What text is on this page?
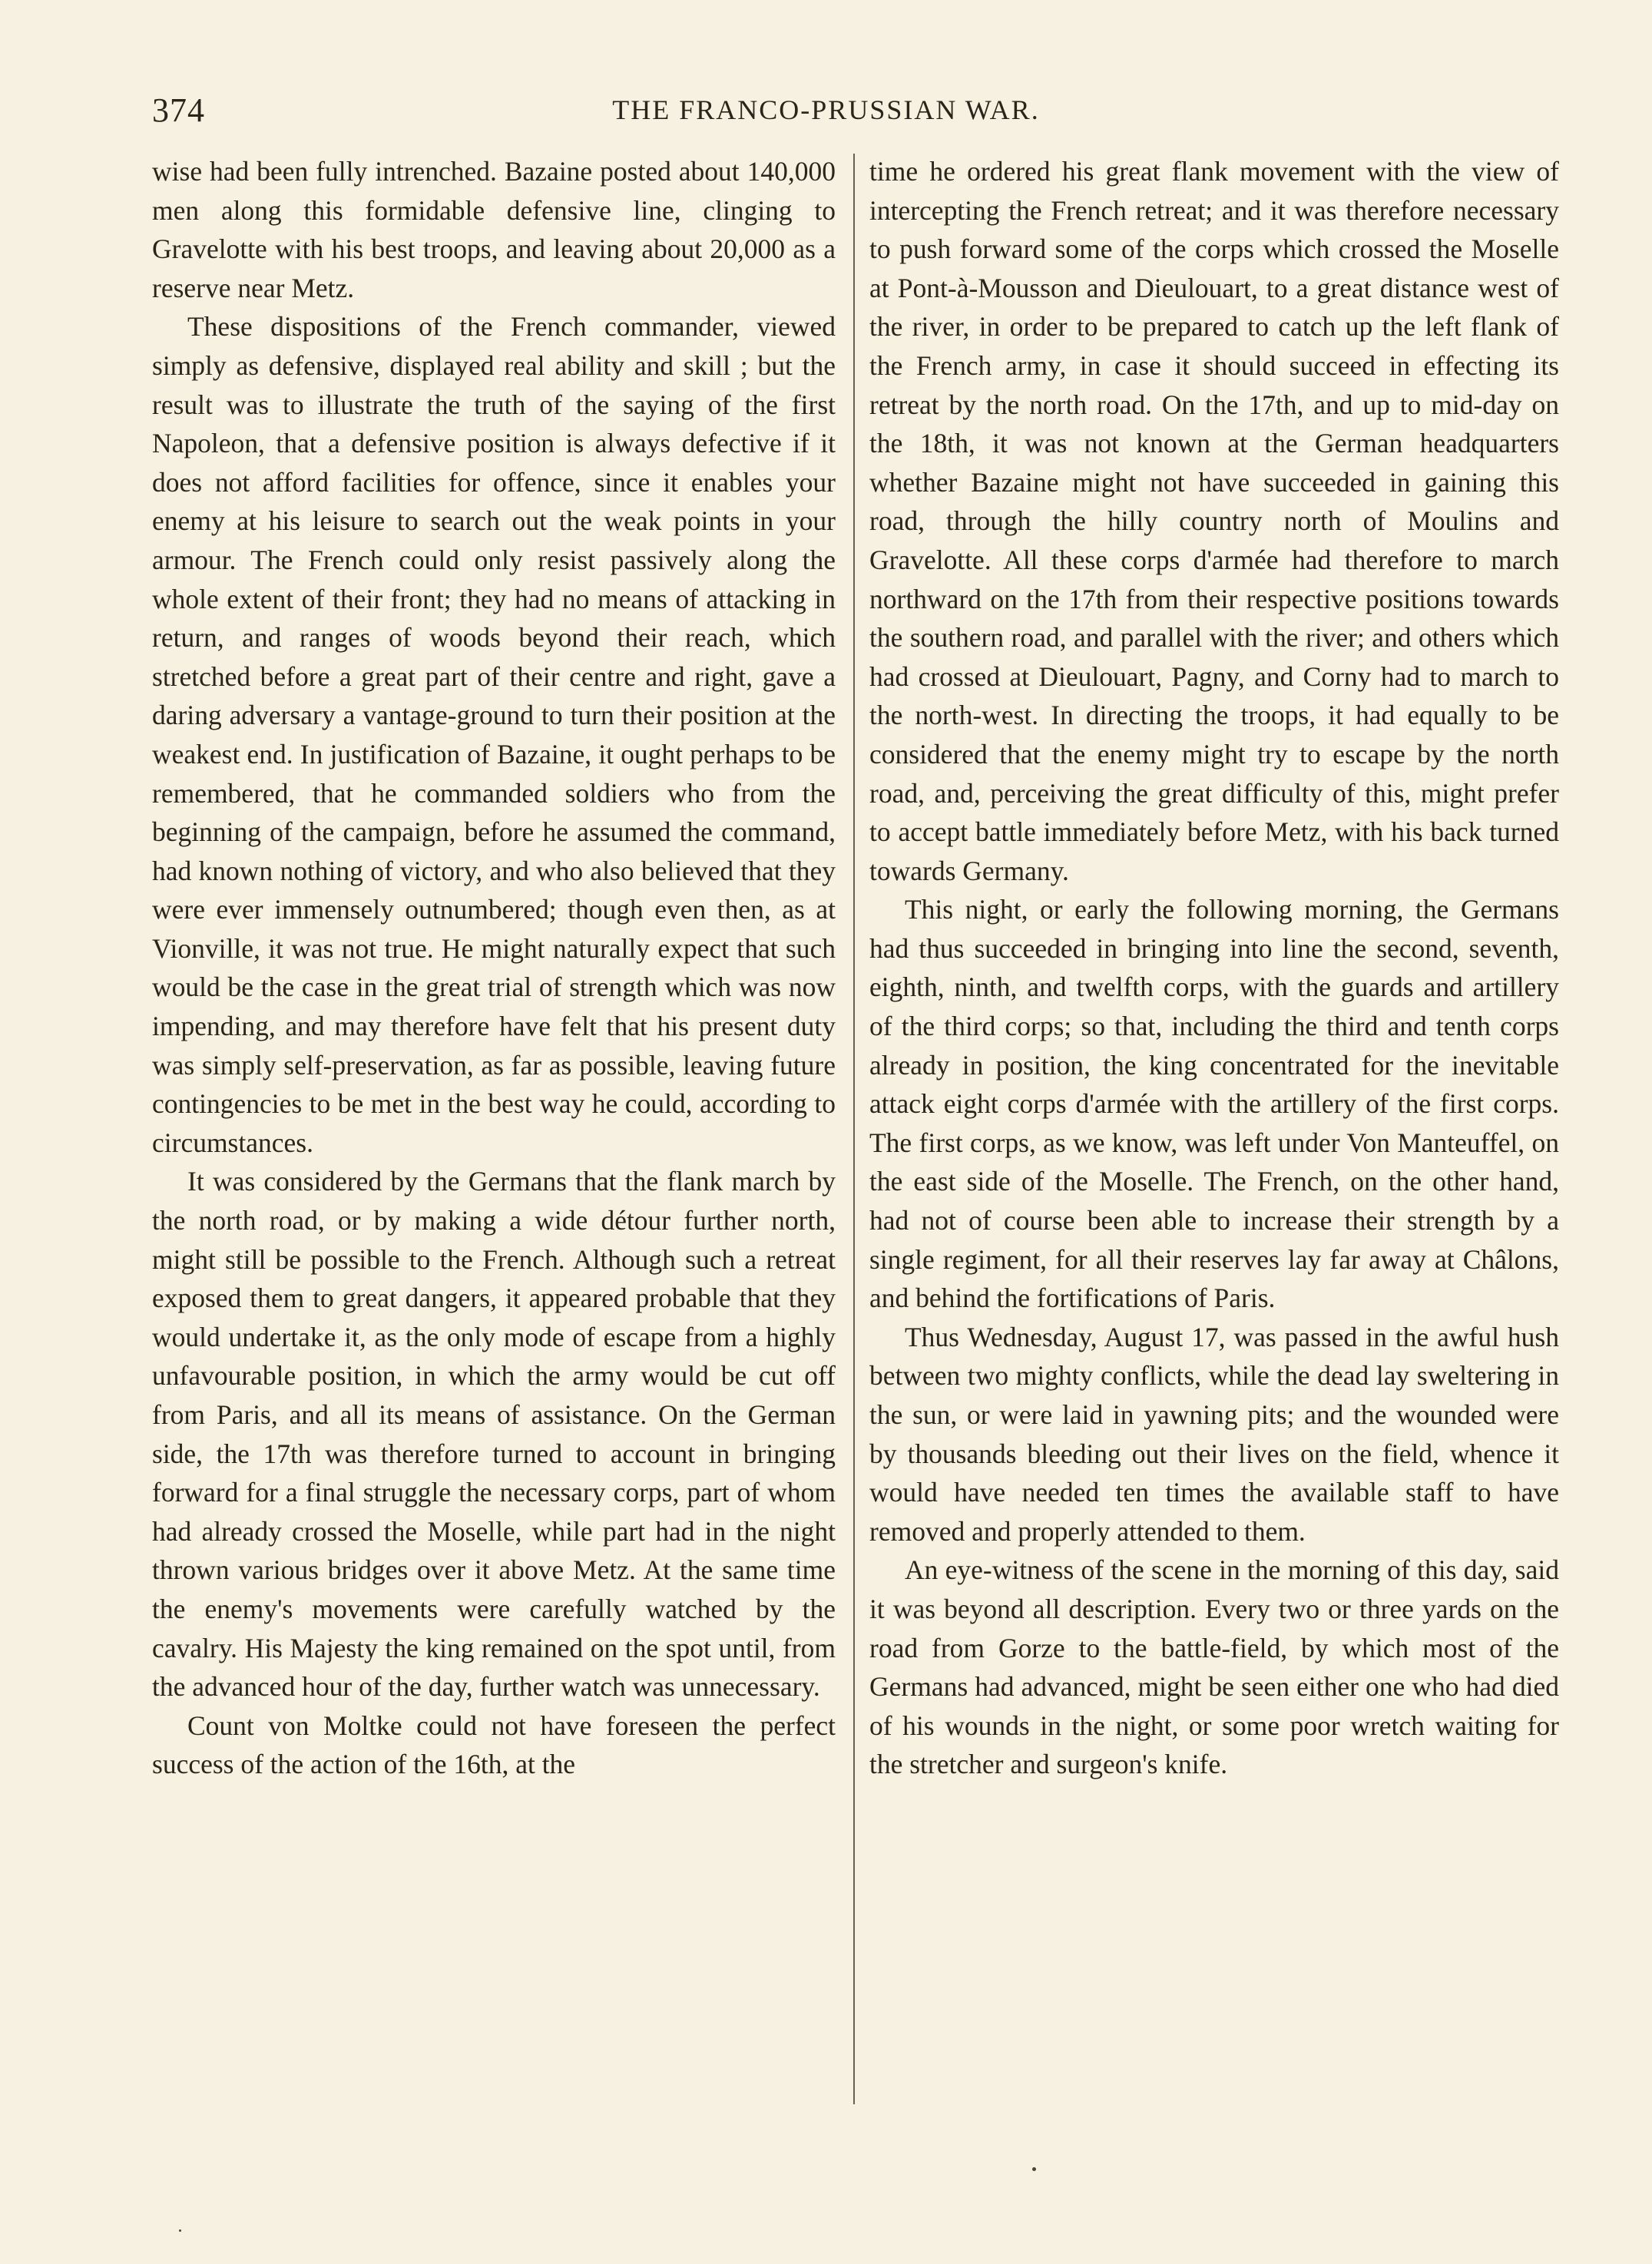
374	THE FRANCO-PRUSSIAN WAR.

wise had been fully intrenched. Bazaine posted about 140,000 men along this formidable defensive line, clinging to Gravelotte with his best troops, and leaving about 20,000 as a reserve near Metz.

These dispositions of the French commander, viewed simply as defensive, displayed real ability and skill ; but the result was to illustrate the truth of the saying of the first Napoleon, that a defensive position is always defective if it does not afford facilities for offence, since it enables your enemy at his leisure to search out the weak points in your armour. The French could only resist passively along the whole extent of their front; they had no means of attacking in return, and ranges of woods beyond their reach, which stretched before a great part of their centre and right, gave a daring adversary a vantage-ground to turn their position at the weakest end. In justification of Bazaine, it ought perhaps to be remembered, that he commanded soldiers who from the beginning of the campaign, before he assumed the command, had known nothing of victory, and who also believed that they were ever immensely outnumbered; though even then, as at Vionville, it was not true. He might naturally expect that such would be the case in the great trial of strength which was now impending, and may therefore have felt that his present duty was simply self-preservation, as far as possible, leaving future contingencies to be met in the best way he could, according to circumstances.

It was considered by the Germans that the flank march by the north road, or by making a wide détour further north, might still be possible to the French. Although such a retreat exposed them to great dangers, it appeared probable that they would undertake it, as the only mode of escape from a highly unfavourable position, in which the army would be cut off from Paris, and all its means of assistance. On the German side, the 17th was therefore turned to account in bringing forward for a final struggle the necessary corps, part of whom had already crossed the Moselle, while part had in the night thrown various bridges over it above Metz. At the same time the enemy's movements were carefully watched by the cavalry. His Majesty the king remained on the spot until, from the advanced hour of the day, further watch was unnecessary.

Count von Moltke could not have foreseen the perfect success of the action of the 16th, at the

time he ordered his great flank movement with the view of intercepting the French retreat; and it was therefore necessary to push forward some of the corps which crossed the Moselle at Pont-à-Mousson and Dieulouart, to a great distance west of the river, in order to be prepared to catch up the left flank of the French army, in case it should succeed in effecting its retreat by the north road. On the 17th, and up to mid-day on the 18th, it was not known at the German headquarters whether Bazaine might not have succeeded in gaining this road, through the hilly country north of Moulins and Gravelotte. All these corps d'armée had therefore to march northward on the 17th from their respective positions towards the southern road, and parallel with the river; and others which had crossed at Dieulouart, Pagny, and Corny had to march to the north-west. In directing the troops, it had equally to be considered that the enemy might try to escape by the north road, and, perceiving the great difficulty of this, might prefer to accept battle immediately before Metz, with his back turned towards Germany.

This night, or early the following morning, the Germans had thus succeeded in bringing into line the second, seventh, eighth, ninth, and twelfth corps, with the guards and artillery of the third corps; so that, including the third and tenth corps already in position, the king concentrated for the inevitable attack eight corps d'armée with the artillery of the first corps. The first corps, as we know, was left under Von Manteuffel, on the east side of the Moselle. The French, on the other hand, had not of course been able to increase their strength by a single regiment, for all their reserves lay far away at Châlons, and behind the fortifications of Paris.

Thus Wednesday, August 17, was passed in the awful hush between two mighty conflicts, while the dead lay sweltering in the sun, or were laid in yawning pits; and the wounded were by thousands bleeding out their lives on the field, whence it would have needed ten times the available staff to have removed and properly attended to them.

An eye-witness of the scene in the morning of this day, said it was beyond all description. Every two or three yards on the road from Gorze to the battle-field, by which most of the Germans had advanced, might be seen either one who had died of his wounds in the night, or some poor wretch waiting for the stretcher and surgeon's knife.
